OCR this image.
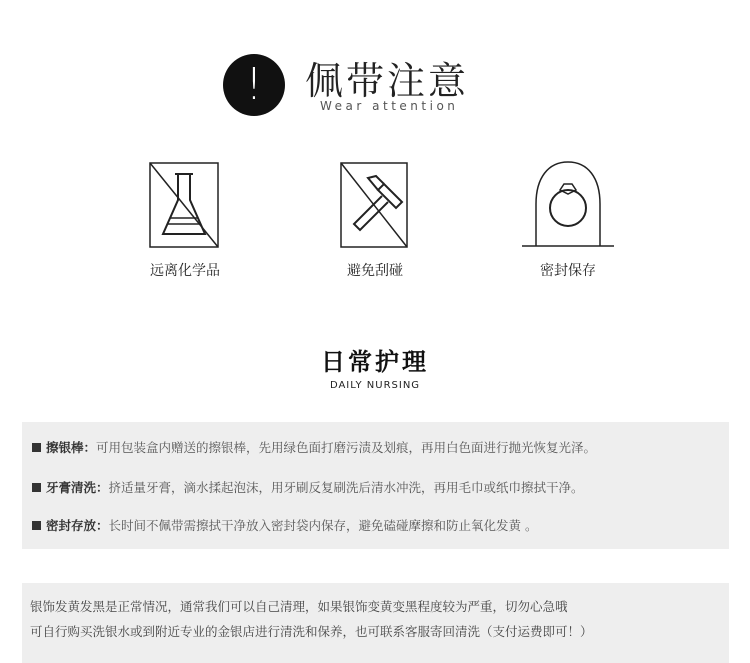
!	佩带注意
Wear attention
远离化学品	避免刮碰	密封保存
日常护理
DAILY NURSING
擦银棒：可用包装盒内赠送的擦银棒，先用绿色面打磨污渍及划痕，再用白色面进行抛光恢复光泽。
牙膏清洗：挤适量牙膏，滴水揉起泡沫，用牙刷反复刷洗后清水冲洗，再用毛巾或纸巾擦拭干净。
密封存放：长时间不佩带需擦拭干净放入密封袋内保存，避免磕碰摩擦和防止氧化发黄 。
银饰发黄发黑是正常情况，通常我们可以自己清理，如果银饰变黄变黑程度较为严重，切勿心急哦
可自行购买洗银水或到附近专业的金银店进行清洗和保养，也可联系客服寄回清洗（支付运费即可！）
